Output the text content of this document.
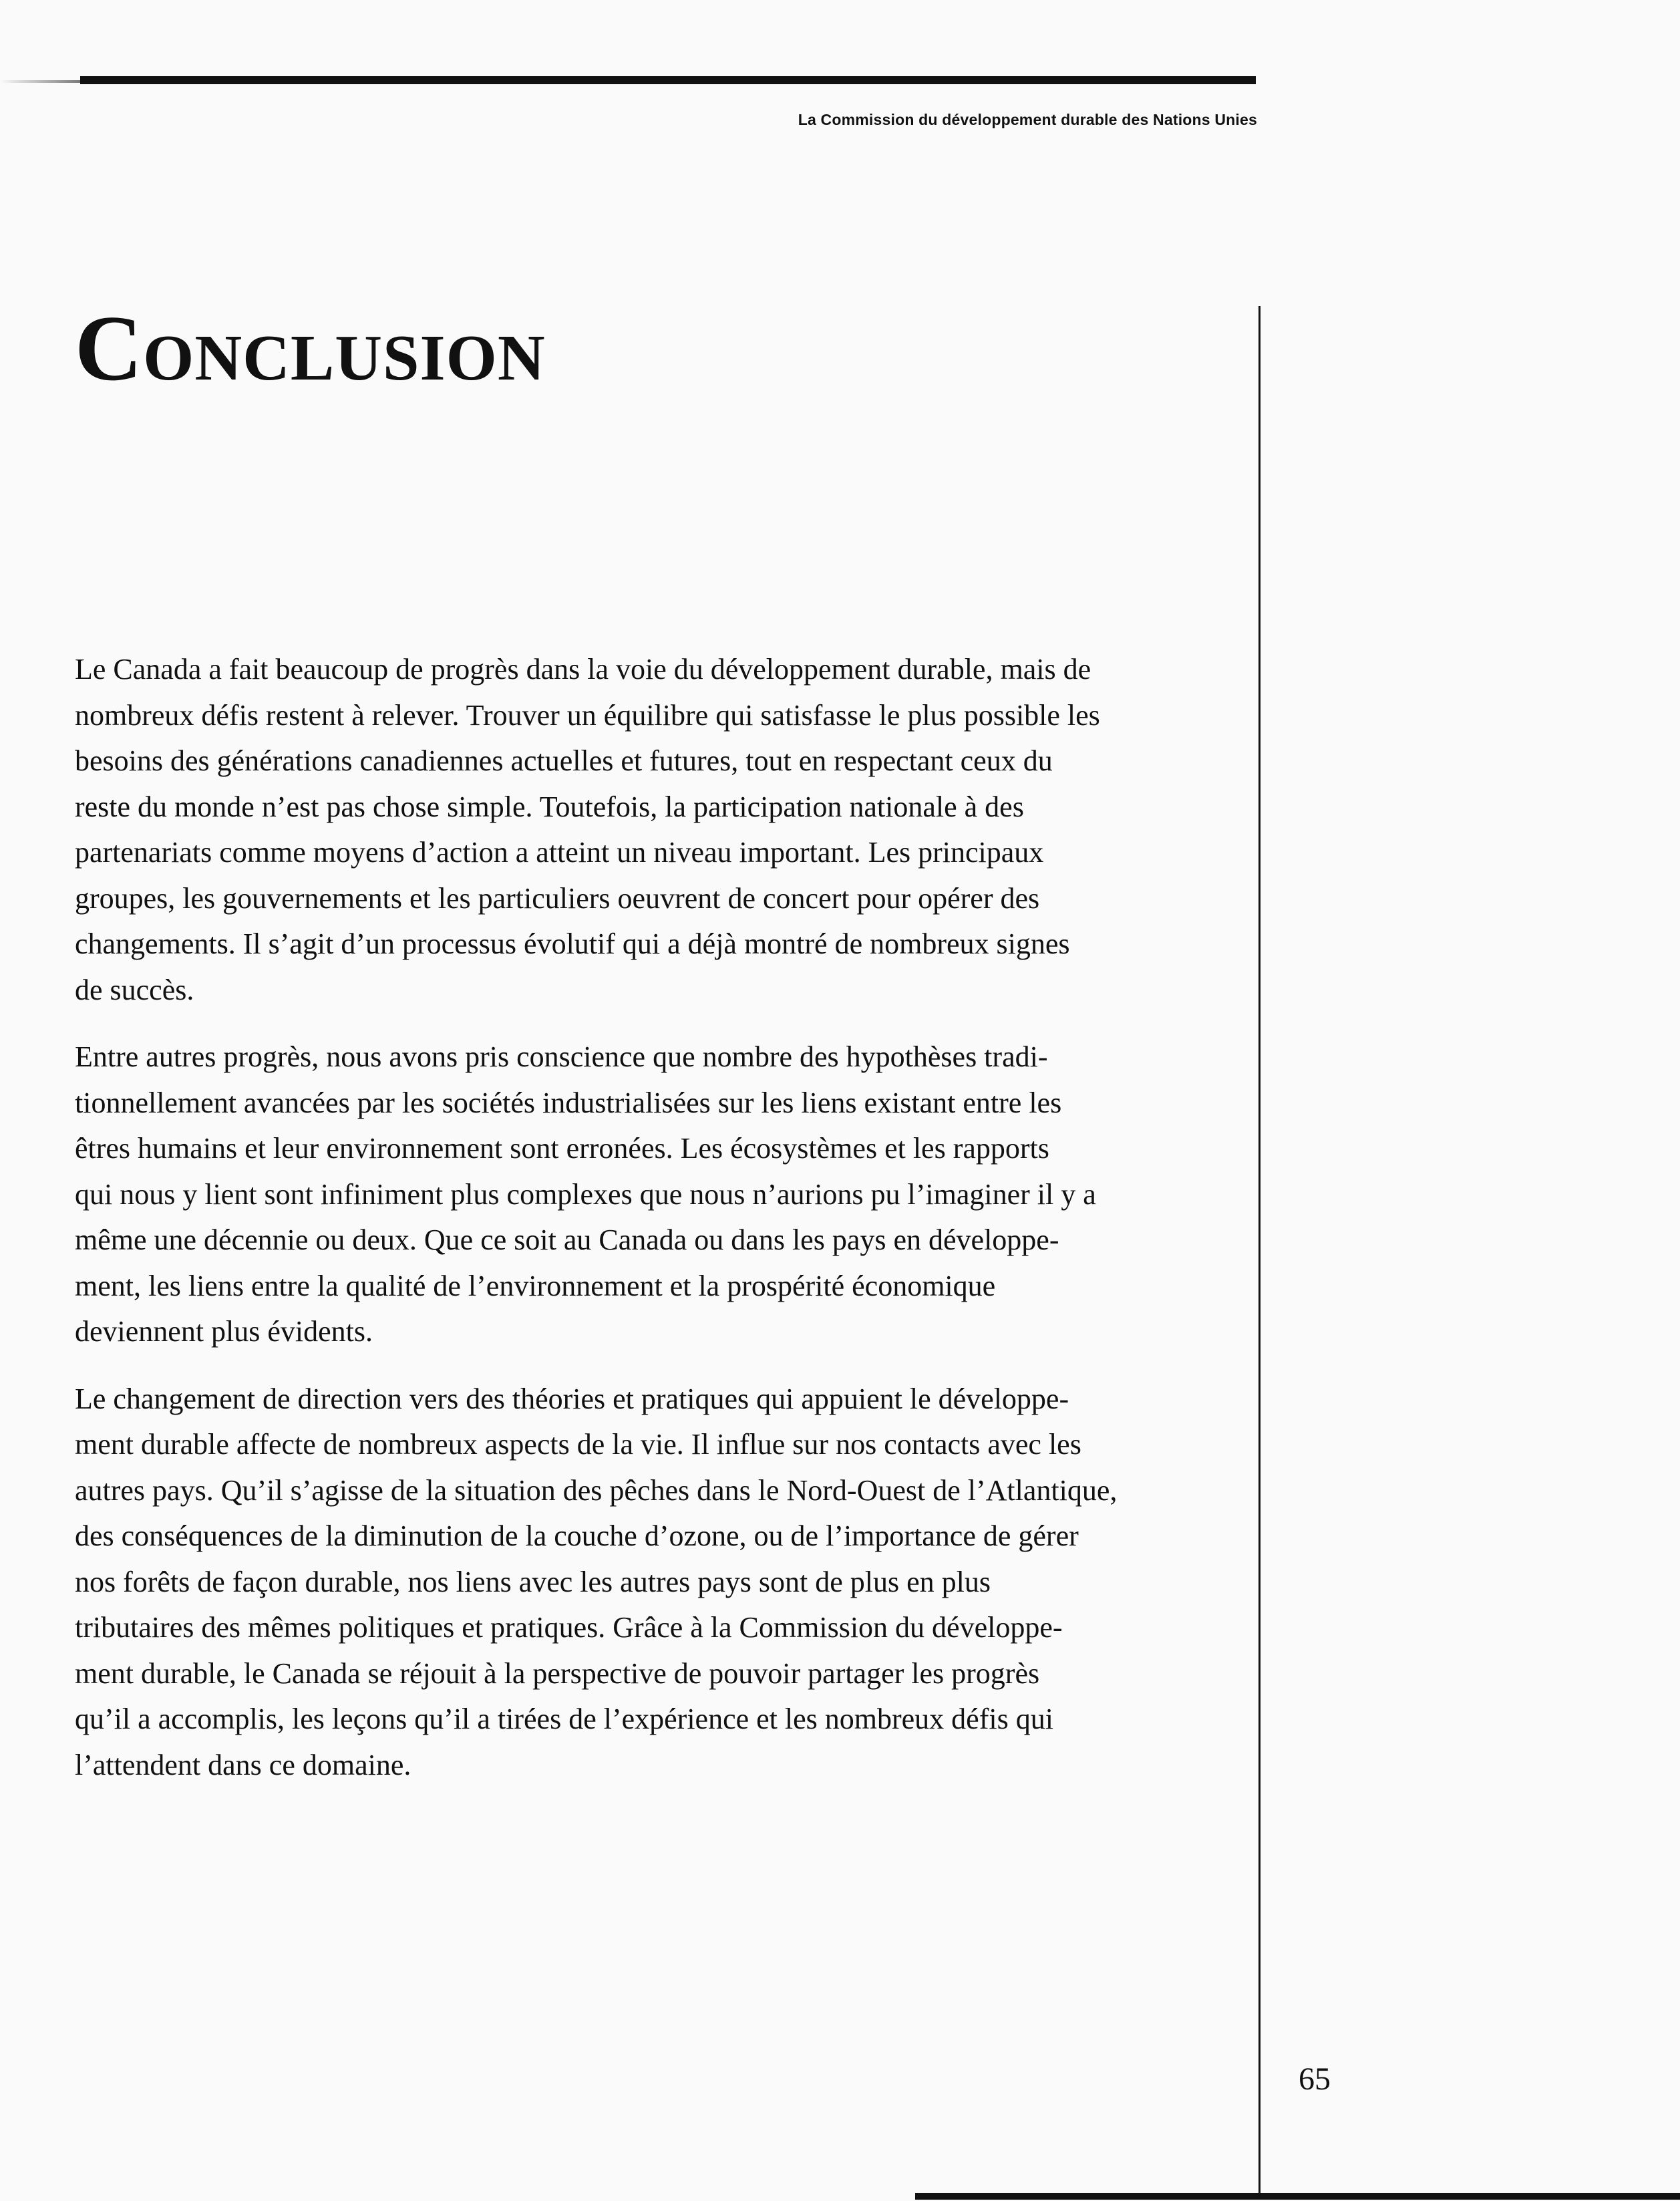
La Commission du développement durable des Nations Unies
Conclusion

Le Canada a fait beaucoup de progrès dans la voie du développement durable, mais de
nombreux défis restent à relever. Trouver un équilibre qui satisfasse le plus possible les
besoins des générations canadiennes actuelles et futures, tout en respectant ceux du
reste du monde n’est pas chose simple. Toutefois, la participation nationale à des
partenariats comme moyens d’action a atteint un niveau important. Les principaux
groupes, les gouvernements et les particuliers oeuvrent de concert pour opérer des
changements. Il s’agit d’un processus évolutif qui a déjà montré de nombreux signes
de succès.

Entre autres progrès, nous avons pris conscience que nombre des hypothèses tradi-
tionnellement avancées par les sociétés industrialisées sur les liens existant entre les
êtres humains et leur environnement sont erronées. Les écosystèmes et les rapports
qui nous y lient sont infiniment plus complexes que nous n’aurions pu l’imaginer il y a
même une décennie ou deux. Que ce soit au Canada ou dans les pays en développe-
ment, les liens entre la qualité de l’environnement et la prospérité économique
deviennent plus évidents.

Le changement de direction vers des théories et pratiques qui appuient le développe-
ment durable affecte de nombreux aspects de la vie. Il influe sur nos contacts avec les
autres pays. Qu’il s’agisse de la situation des pêches dans le Nord-Ouest de l’Atlantique,
des conséquences de la diminution de la couche d’ozone, ou de l’importance de gérer
nos forêts de façon durable, nos liens avec les autres pays sont de plus en plus
tributaires des mêmes politiques et pratiques. Grâce à la Commission du développe-
ment durable, le Canada se réjouit à la perspective de pouvoir partager les progrès
qu’il a accomplis, les leçons qu’il a tirées de l’expérience et les nombreux défis qui
l’attendent dans ce domaine.

65
